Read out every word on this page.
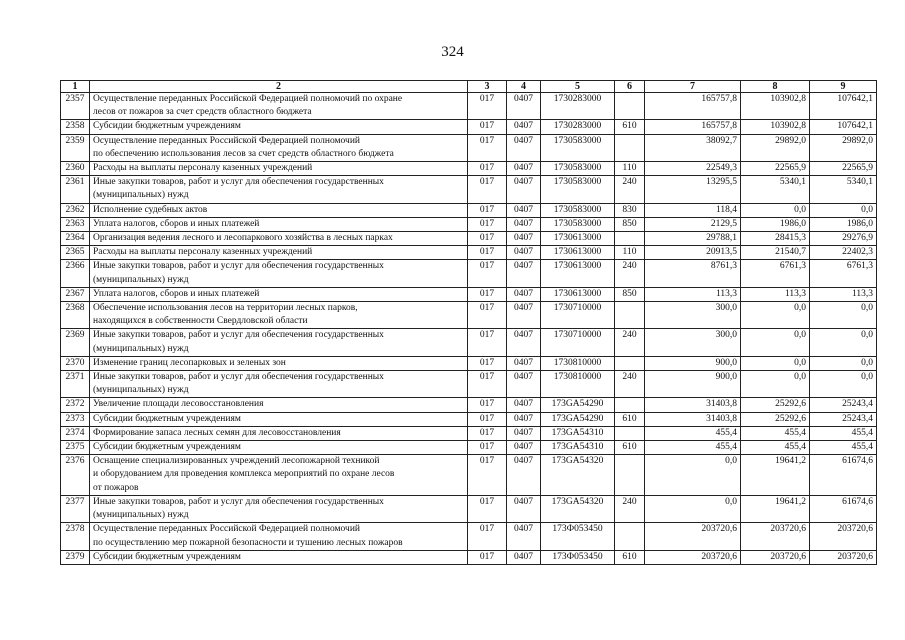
324
1	2	3	4	5	6	7	8	9
2357	Осуществление переданных Российской Федерацией полномочий по охране
лесов от пожаров за счет средств областного бюджета	017	0407	1730283000		165757,8	103902,8	107642,1
2358	Субсидии бюджетным учреждениям	017	0407	1730283000	610	165757,8	103902,8	107642,1
2359	Осуществление переданных Российской Федерацией полномочий
по обеспечению использования лесов за счет средств областного бюджета	017	0407	1730583000		38092,7	29892,0	29892,0
2360	Расходы на выплаты персоналу казенных учреждений	017	0407	1730583000	110	22549,3	22565,9	22565,9
2361	Иные закупки товаров, работ и услуг для обеспечения государственных
(муниципальных) нужд	017	0407	1730583000	240	13295,5	5340,1	5340,1
2362	Исполнение судебных актов	017	0407	1730583000	830	118,4	0,0	0,0
2363	Уплата налогов, сборов и иных платежей	017	0407	1730583000	850	2129,5	1986,0	1986,0
2364	Организация ведения лесного и лесопаркового хозяйства в лесных парках	017	0407	1730613000		29788,1	28415,3	29276,9
2365	Расходы на выплаты персоналу казенных учреждений	017	0407	1730613000	110	20913,5	21540,7	22402,3
2366	Иные закупки товаров, работ и услуг для обеспечения государственных
(муниципальных) нужд	017	0407	1730613000	240	8761,3	6761,3	6761,3
2367	Уплата налогов, сборов и иных платежей	017	0407	1730613000	850	113,3	113,3	113,3
2368	Обеспечение использования лесов на территории лесных парков,
находящихся в собственности Свердловской области	017	0407	1730710000		300,0	0,0	0,0
2369	Иные закупки товаров, работ и услуг для обеспечения государственных
(муниципальных) нужд	017	0407	1730710000	240	300,0	0,0	0,0
2370	Изменение границ лесопарковых и зеленых зон	017	0407	1730810000		900,0	0,0	0,0
2371	Иные закупки товаров, работ и услуг для обеспечения государственных
(муниципальных) нужд	017	0407	1730810000	240	900,0	0,0	0,0
2372	Увеличение площади лесовосстановления	017	0407	173GA54290		31403,8	25292,6	25243,4
2373	Субсидии бюджетным учреждениям	017	0407	173GA54290	610	31403,8	25292,6	25243,4
2374	Формирование запаса лесных семян для лесовосстановления	017	0407	173GA54310		455,4	455,4	455,4
2375	Субсидии бюджетным учреждениям	017	0407	173GA54310	610	455,4	455,4	455,4
2376	Оснащение специализированных учреждений лесопожарной техникой
и оборудованием для проведения комплекса мероприятий по охране лесов
от пожаров	017	0407	173GA54320		0,0	19641,2	61674,6
2377	Иные закупки товаров, работ и услуг для обеспечения государственных
(муниципальных) нужд	017	0407	173GA54320	240	0,0	19641,2	61674,6
2378	Осуществление переданных Российской Федерацией полномочий
по осуществлению мер пожарной безопасности и тушению лесных пожаров	017	0407	173Ф053450		203720,6	203720,6	203720,6
2379	Субсидии бюджетным учреждениям	017	0407	173Ф053450	610	203720,6	203720,6	203720,6
